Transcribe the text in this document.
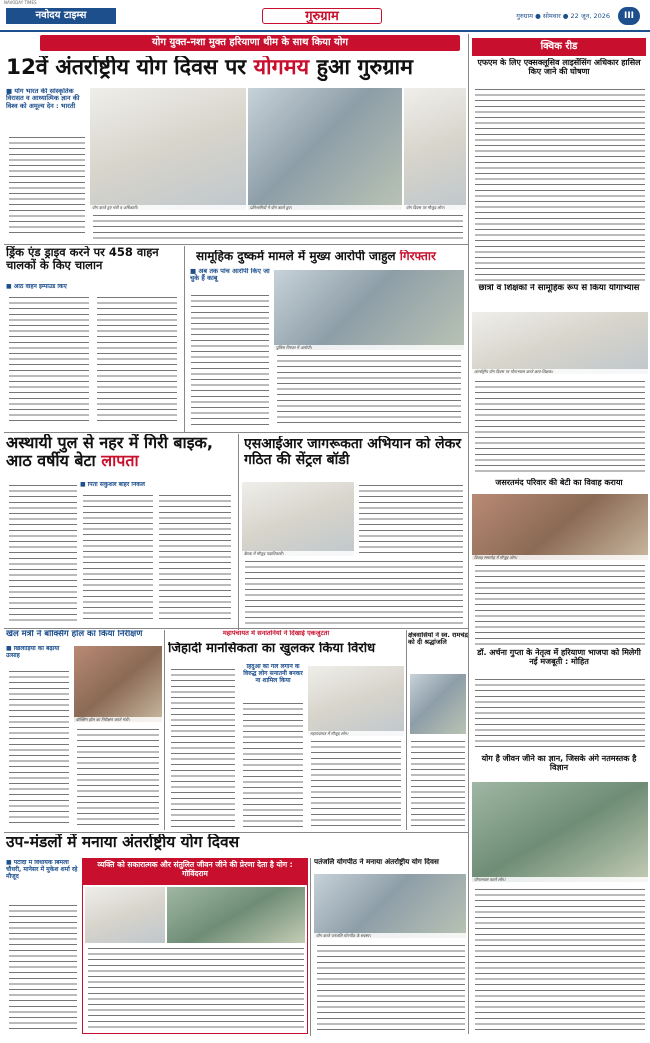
NAVODAY TIMES
नवोदय टाइम्स	गुरुग्राम	गुरुग्राम ● सोमवार ● 22 जून, 2026	III
योग युक्त-नशा मुक्त हरियाणा थीम के साथ किया योग
12वें अंतर्राष्ट्रीय योग दिवस पर योगमय हुआ गुरुग्राम
■ योग भारत की सांस्कृतिक विरासत व आध्यात्मिक ज्ञान की विश्व को अमूल्य देन : भारती
योग करते हुए मंत्री व अधिकारी।	प्रतिभागियों ने योग करते हुए।	योग दिवस पर मौजूद लोग।
क्विक रीड
एफएम के लिए एक्सक्लूसिव लाइसेंसिंग अधिकार हासिल किए जाने की घोषणा
छात्रों व शिक्षकों ने सामूहिक रूप से किया योगाभ्यास
अंतर्राष्ट्रीय योग दिवस पर योगाभ्यास करते छात्र-शिक्षक।
जसरतमंद परिवार की बेटी का विवाह कराया
विवाह समारोह में मौजूद लोग।
डॉ. अर्चना गुप्ता के नेतृत्व में हरियाणा भाजपा को मिलेगी नई मजबूती : मोहित
योग है जीवन जीने का ज्ञान, जिसके अंगे नतमस्तक है विज्ञान
योगाभ्यास करते लोग।
ड्रिंक एंड ड्राइव करने पर 458 वाहन चालकों के किए चालान
■ आठ वाहन इम्पाउंड किए
सामूहिक दुष्कर्म मामले में मुख्य आरोपी जाहुल गिरफ्तार
■ अब तक पांच आरोपी किए जा चुके हैं काबू
पुलिस गिरफ्त में आरोपी।
अस्थायी पुल से नहर में गिरी बाइक, आठ वर्षीय बेटा लापता
■ पिता सकुशल बाहर निकले
एसआईआर जागरूकता अभियान को लेकर गठित की सेंट्रल बॉडी
बैठक में मौजूद पदाधिकारी।
खेल मंत्री ने बॉक्सिंग हॉल का किया निरीक्षण
■ खिलाड़ियों का बढ़ाया उत्साह
बॉक्सिंग हॉल का निरीक्षण करते मंत्री।
महापंचायत में सनातनियों ने दिखाई एकजुटता
जिहादी मानसिकता का खुलकर किया विरोध
हिंदुओं को गले लगाने के विरुद्ध लोग सनातनी बनकर ना शामिल किया
महापंचायत में मौजूद लोग।
क्षेत्रवासियों ने स्व. रामचंद्र को दी श्रद्धांजलि
उप-मंडलों में मनाया अंतर्राष्ट्रीय योग दिवस
■ पटौदी में विधायक बिमला चौधरी, मानेसर में मुकेश शर्मा रहे मौजूद
व्यक्ति को सकारात्मक और संतुलित जीवन जीने की प्रेरणा देता है योग : गोविंदराम
पतंजलि योगपीठ ने मनाया अंतर्राष्ट्रीय योग दिवस
योग करते पतंजलि योगपीठ के सदस्य।
